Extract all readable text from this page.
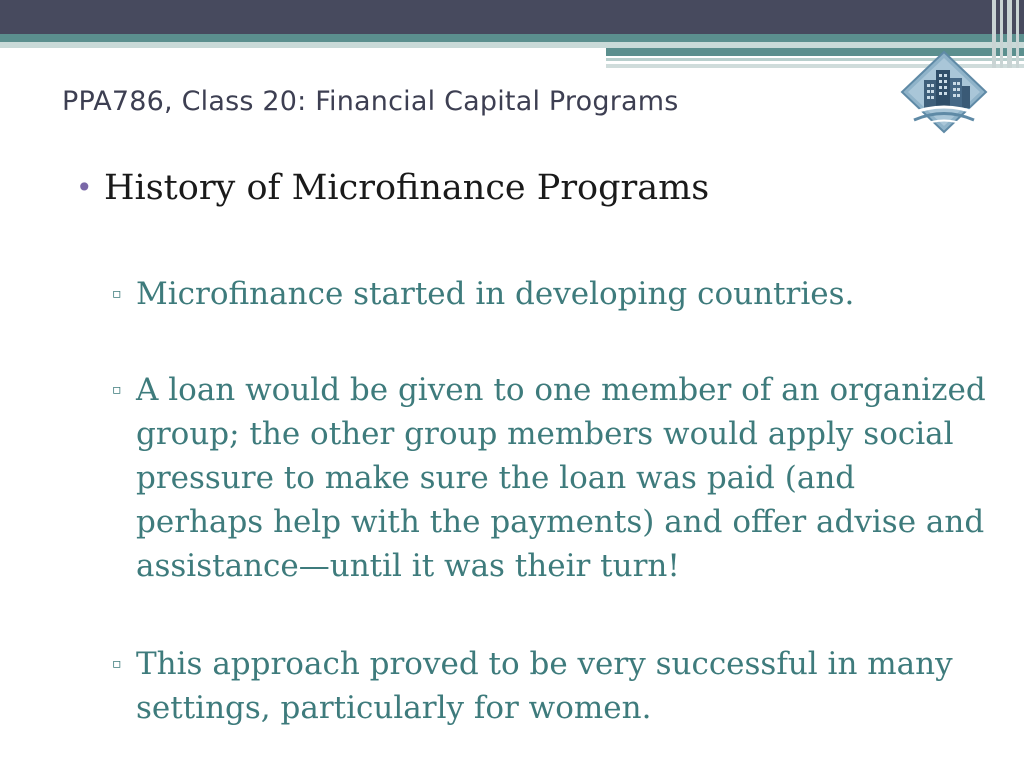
PPA786, Class 20: Financial Capital Programs
• History of Microfinance Programs
▫ Microfinance started in developing countries.
▫ A loan would be given to one member of an organized group; the other group members would apply social pressure to make sure the loan was paid (and perhaps help with the payments) and offer advise and assistance—until it was their turn!
▫ This approach proved to be very successful in many settings, particularly for women.
